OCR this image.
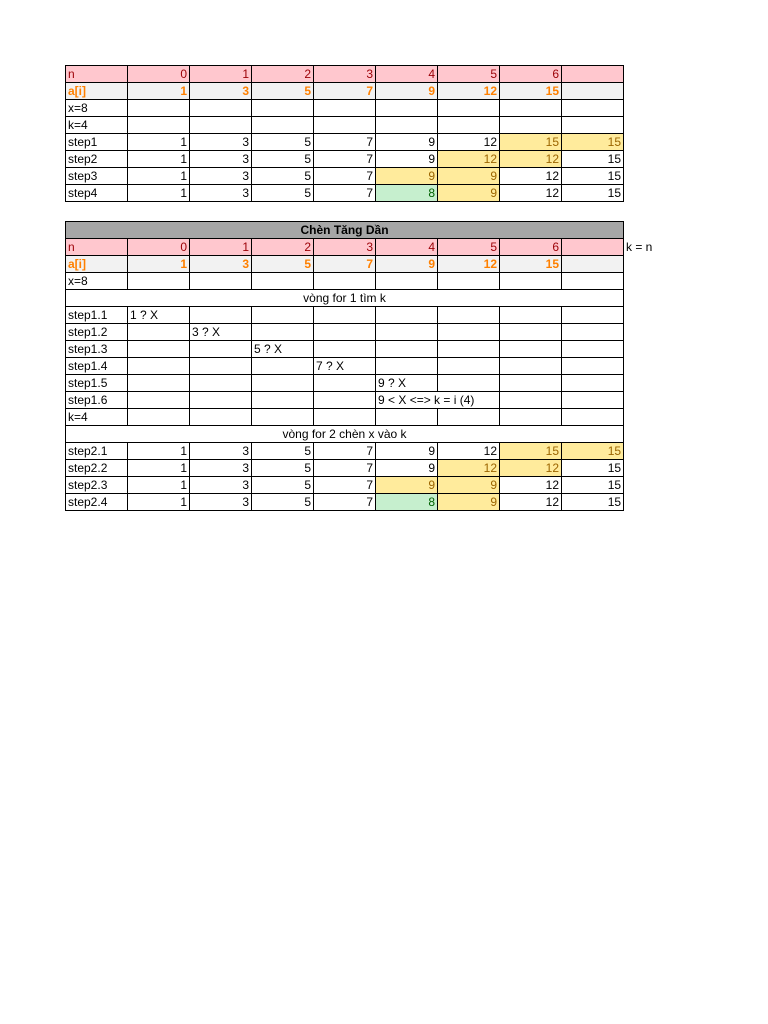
n	0	1	2	3	4	5	6	
a[i]	1	3	5	7	9	12	15	
x=8								
k=4								
step1	1	3	5	7	9	12	15	15
step2	1	3	5	7	9	12	12	15
step3	1	3	5	7	9	9	12	15
step4	1	3	5	7	8	9	12	15
Chèn Tăng Dần								
n	0	1	2	3	4	5	6	
a[i]	1	3	5	7	9	12	15	
x=8								
vòng for 1 tìm k								
step1.1	1 ? X							
step1.2		3 ? X						
step1.3			5 ? X					
step1.4				7 ? X				
step1.5					9 ? X			
step1.6					9 < X <=> k = i (4)			
k=4								
vòng for 2 chèn x vào k								
step2.1	1	3	5	7	9	12	15	15
step2.2	1	3	5	7	9	12	12	15
step2.3	1	3	5	7	9	9	12	15
step2.4	1	3	5	7	8	9	12	15
k = n
